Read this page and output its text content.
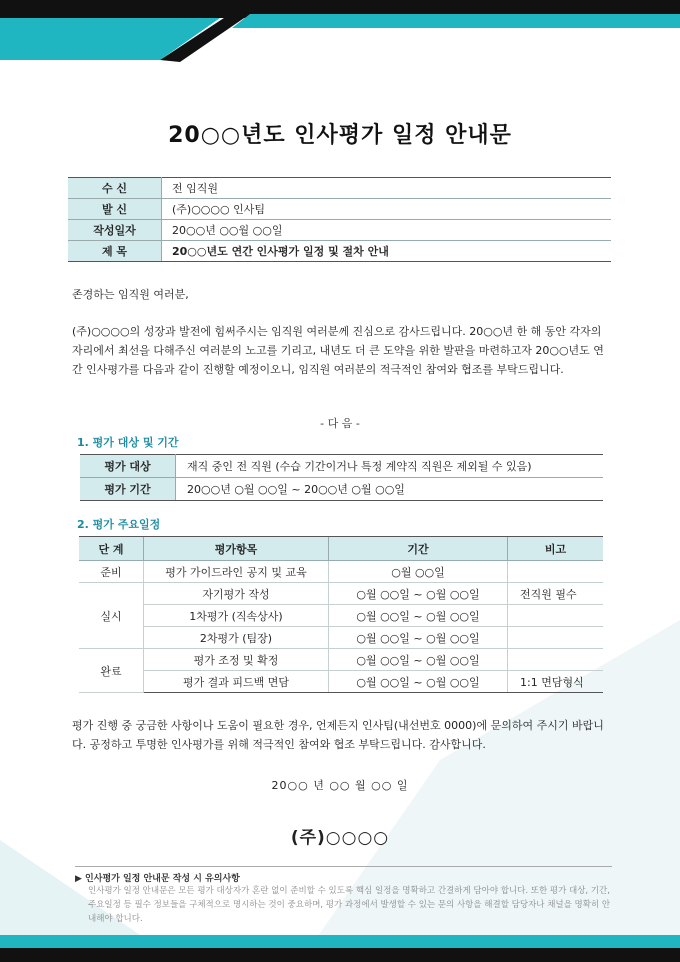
20○○년도 인사평가 일정 안내문
수 신	전 임직원
발 신	(주)○○○○ 인사팀
작성일자	20○○년 ○○월 ○○일
제 목	20○○년도 연간 인사평가 일정 및 절차 안내
존경하는 임직원 여러분,
(주)○○○○의 성장과 발전에 힘써주시는 임직원 여러분께 진심으로 감사드립니다. 20○○년 한 해 동안 각자의 자리에서 최선을 다해주신 여러분의 노고를 기리고, 내년도 더 큰 도약을 위한 발판을 마련하고자 20○○년도 연간 인사평가를 다음과 같이 진행할 예정이오니, 임직원 여러분의 적극적인 참여와 협조를 부탁드립니다.
- 다 음 -
1. 평가 대상 및 기간
평가 대상	재직 중인 전 직원 (수습 기간이거나 특정 계약직 직원은 제외될 수 있음)
평가 기간	20○○년 ○월 ○○일 ~ 20○○년 ○월 ○○일
2. 평가 주요일정
단 계	평가항목	기간	비고
준비	평가 가이드라인 공지 및 교육	○월 ○○일	
실시	자기평가 작성	○월 ○○일 ~ ○월 ○○일	전직원 필수
	1차평가 (직속상사)	○월 ○○일 ~ ○월 ○○일	
	2차평가 (팀장)	○월 ○○일 ~ ○월 ○○일	
완료	평가 조정 및 확정	○월 ○○일 ~ ○월 ○○일	
	평가 결과 피드백 면담	○월 ○○일 ~ ○월 ○○일	1:1 면담형식
평가 진행 중 궁금한 사항이나 도움이 필요한 경우, 언제든지 인사팀(내선번호 0000)에 문의하여 주시기 바랍니다. 공정하고 투명한 인사평가를 위해 적극적인 참여와 협조 부탁드립니다. 감사합니다.
20○○ 년 ○○ 월 ○○ 일
(주)○○○○
▶ 인사평가 일정 안내문 작성 시 유의사항
인사평가 일정 안내문은 모든 평가 대상자가 혼란 없이 준비할 수 있도록 핵심 일정을 명확하고 간결하게 담아야 합니다. 또한 평가 대상, 기간, 주요일정 등 필수 정보들을 구체적으로 명시하는 것이 중요하며, 평가 과정에서 발생할 수 있는 문의 사항을 해결할 담당자나 채널을 명확히 안내해야 합니다.
